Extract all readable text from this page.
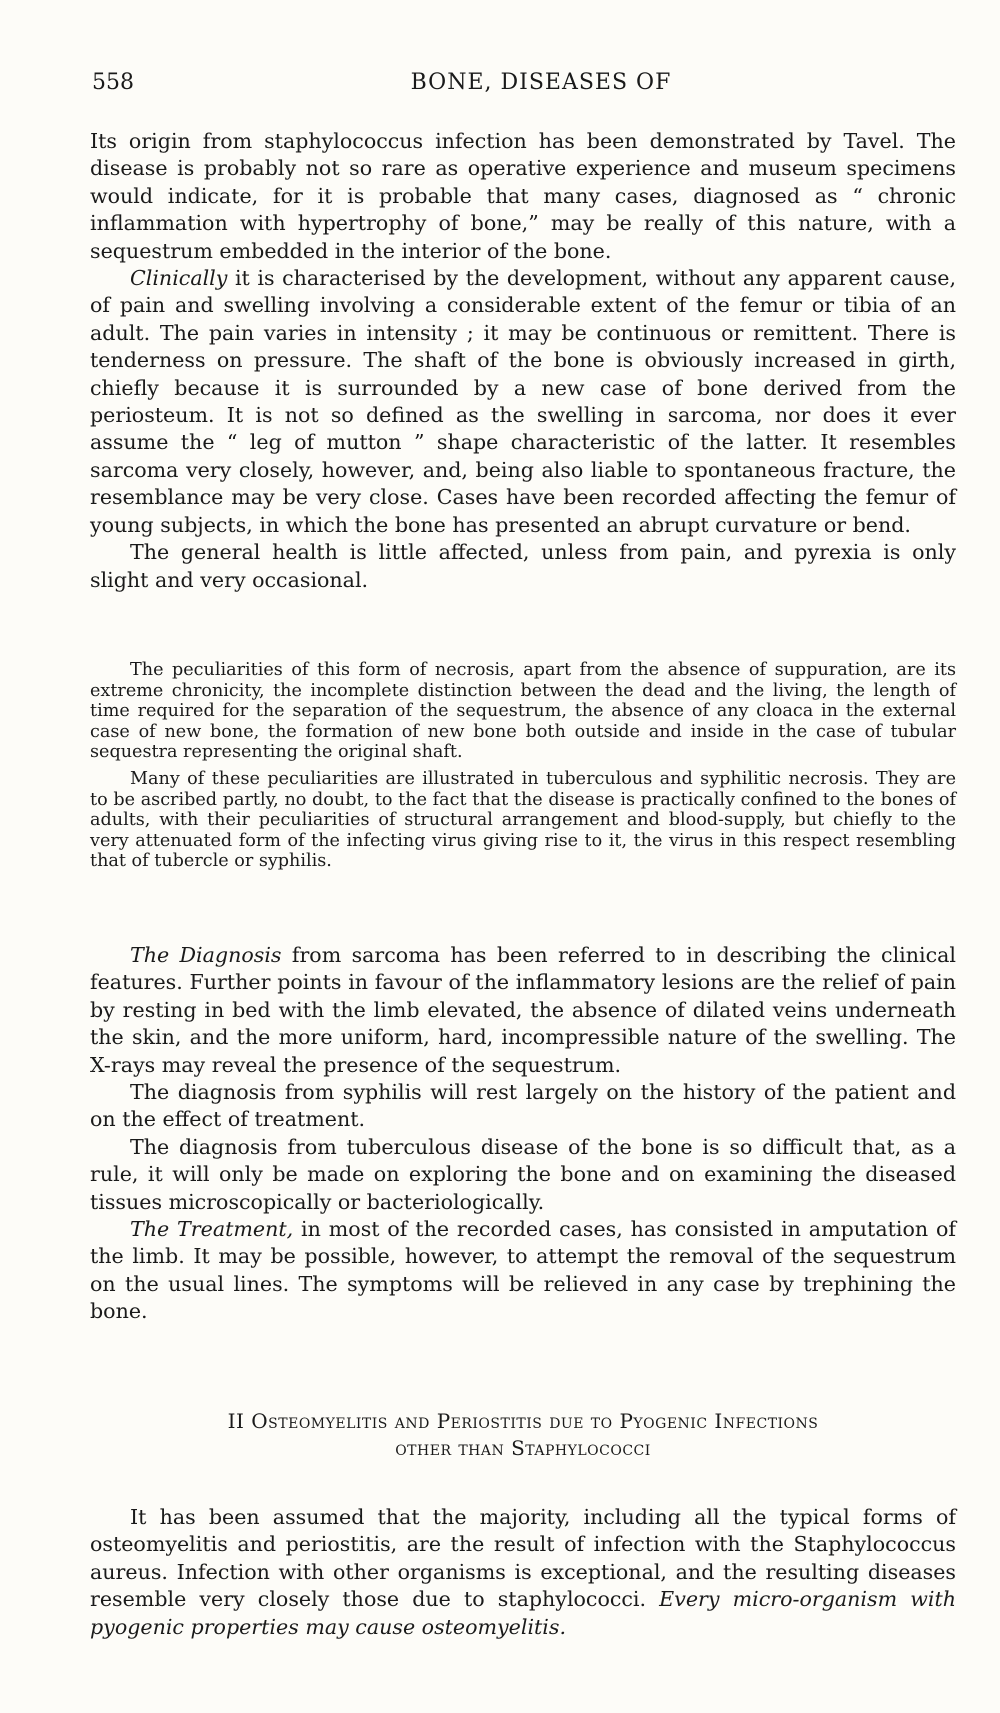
558	BONE, DISEASES OF

Its origin from staphylococcus infection has been demonstrated by Tavel. The disease is probably not so rare as operative experience and museum specimens would indicate, for it is probable that many cases, diagnosed as “ chronic inflammation with hypertrophy of bone,” may be really of this nature, with a sequestrum embedded in the interior of the bone.

Clinically it is characterised by the development, without any apparent cause, of pain and swelling involving a considerable extent of the femur or tibia of an adult. The pain varies in intensity ; it may be continuous or remittent. There is tenderness on pressure. The shaft of the bone is obviously increased in girth, chiefly because it is surrounded by a new case of bone derived from the periosteum. It is not so defined as the swelling in sarcoma, nor does it ever assume the “ leg of mutton ” shape characteristic of the latter. It resembles sarcoma very closely, however, and, being also liable to spontaneous fracture, the resemblance may be very close. Cases have been recorded affecting the femur of young subjects, in which the bone has presented an abrupt curvature or bend.

The general health is little affected, unless from pain, and pyrexia is only slight and very occasional.

The peculiarities of this form of necrosis, apart from the absence of suppuration, are its extreme chronicity, the incomplete distinction between the dead and the living, the length of time required for the separation of the sequestrum, the absence of any cloaca in the external case of new bone, the formation of new bone both outside and inside in the case of tubular sequestra representing the original shaft.

Many of these peculiarities are illustrated in tuberculous and syphilitic necrosis. They are to be ascribed partly, no doubt, to the fact that the disease is practically confined to the bones of adults, with their peculiarities of structural arrangement and blood-supply, but chiefly to the very attenuated form of the infecting virus giving rise to it, the virus in this respect resembling that of tubercle or syphilis.

The Diagnosis from sarcoma has been referred to in describing the clinical features. Further points in favour of the inflammatory lesions are the relief of pain by resting in bed with the limb elevated, the absence of dilated veins underneath the skin, and the more uniform, hard, incompressible nature of the swelling. The X-rays may reveal the presence of the sequestrum.

The diagnosis from syphilis will rest largely on the history of the patient and on the effect of treatment.

The diagnosis from tuberculous disease of the bone is so difficult that, as a rule, it will only be made on exploring the bone and on examining the diseased tissues microscopically or bacteriologically.

The Treatment, in most of the recorded cases, has consisted in amputation of the limb. It may be possible, however, to attempt the removal of the sequestrum on the usual lines. The symptoms will be relieved in any case by trephining the bone.

II Osteomyelitis and Periostitis due to Pyogenic Infections
other than Staphylococci

It has been assumed that the majority, including all the typical forms of osteomyelitis and periostitis, are the result of infection with the Staphylococcus aureus. Infection with other organisms is exceptional, and the resulting diseases resemble very closely those due to staphylococci. Every micro-organism with pyogenic properties may cause osteomyelitis.
